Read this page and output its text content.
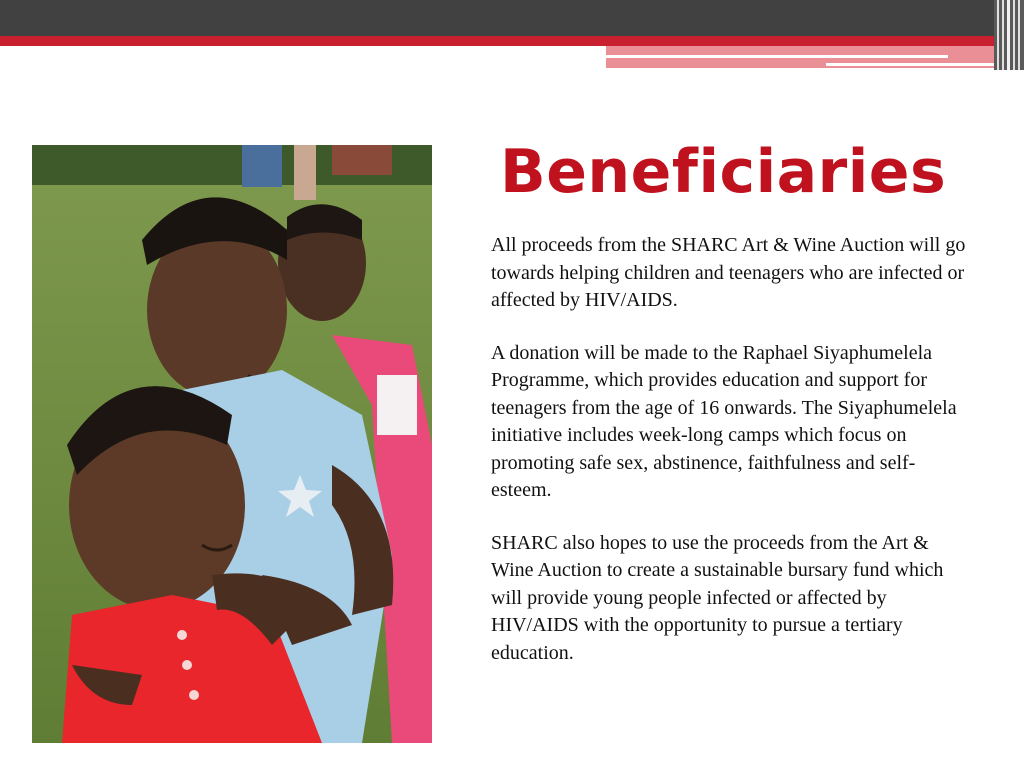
Beneficiaries

All proceeds from the SHARC Art & Wine Auction will go towards helping children and teenagers who are infected or affected by HIV/AIDS.

A donation will be made to the Raphael Siyaphumelela Programme, which provides education and support for teenagers from the age of 16 onwards. The Siyaphumelela initiative includes week-long camps which focus on promoting safe sex, abstinence, faithfulness and self-esteem.

SHARC also hopes to use the proceeds from the Art & Wine Auction to create a sustainable bursary fund which will provide young people infected or affected by HIV/AIDS with the opportunity to pursue a tertiary education.
